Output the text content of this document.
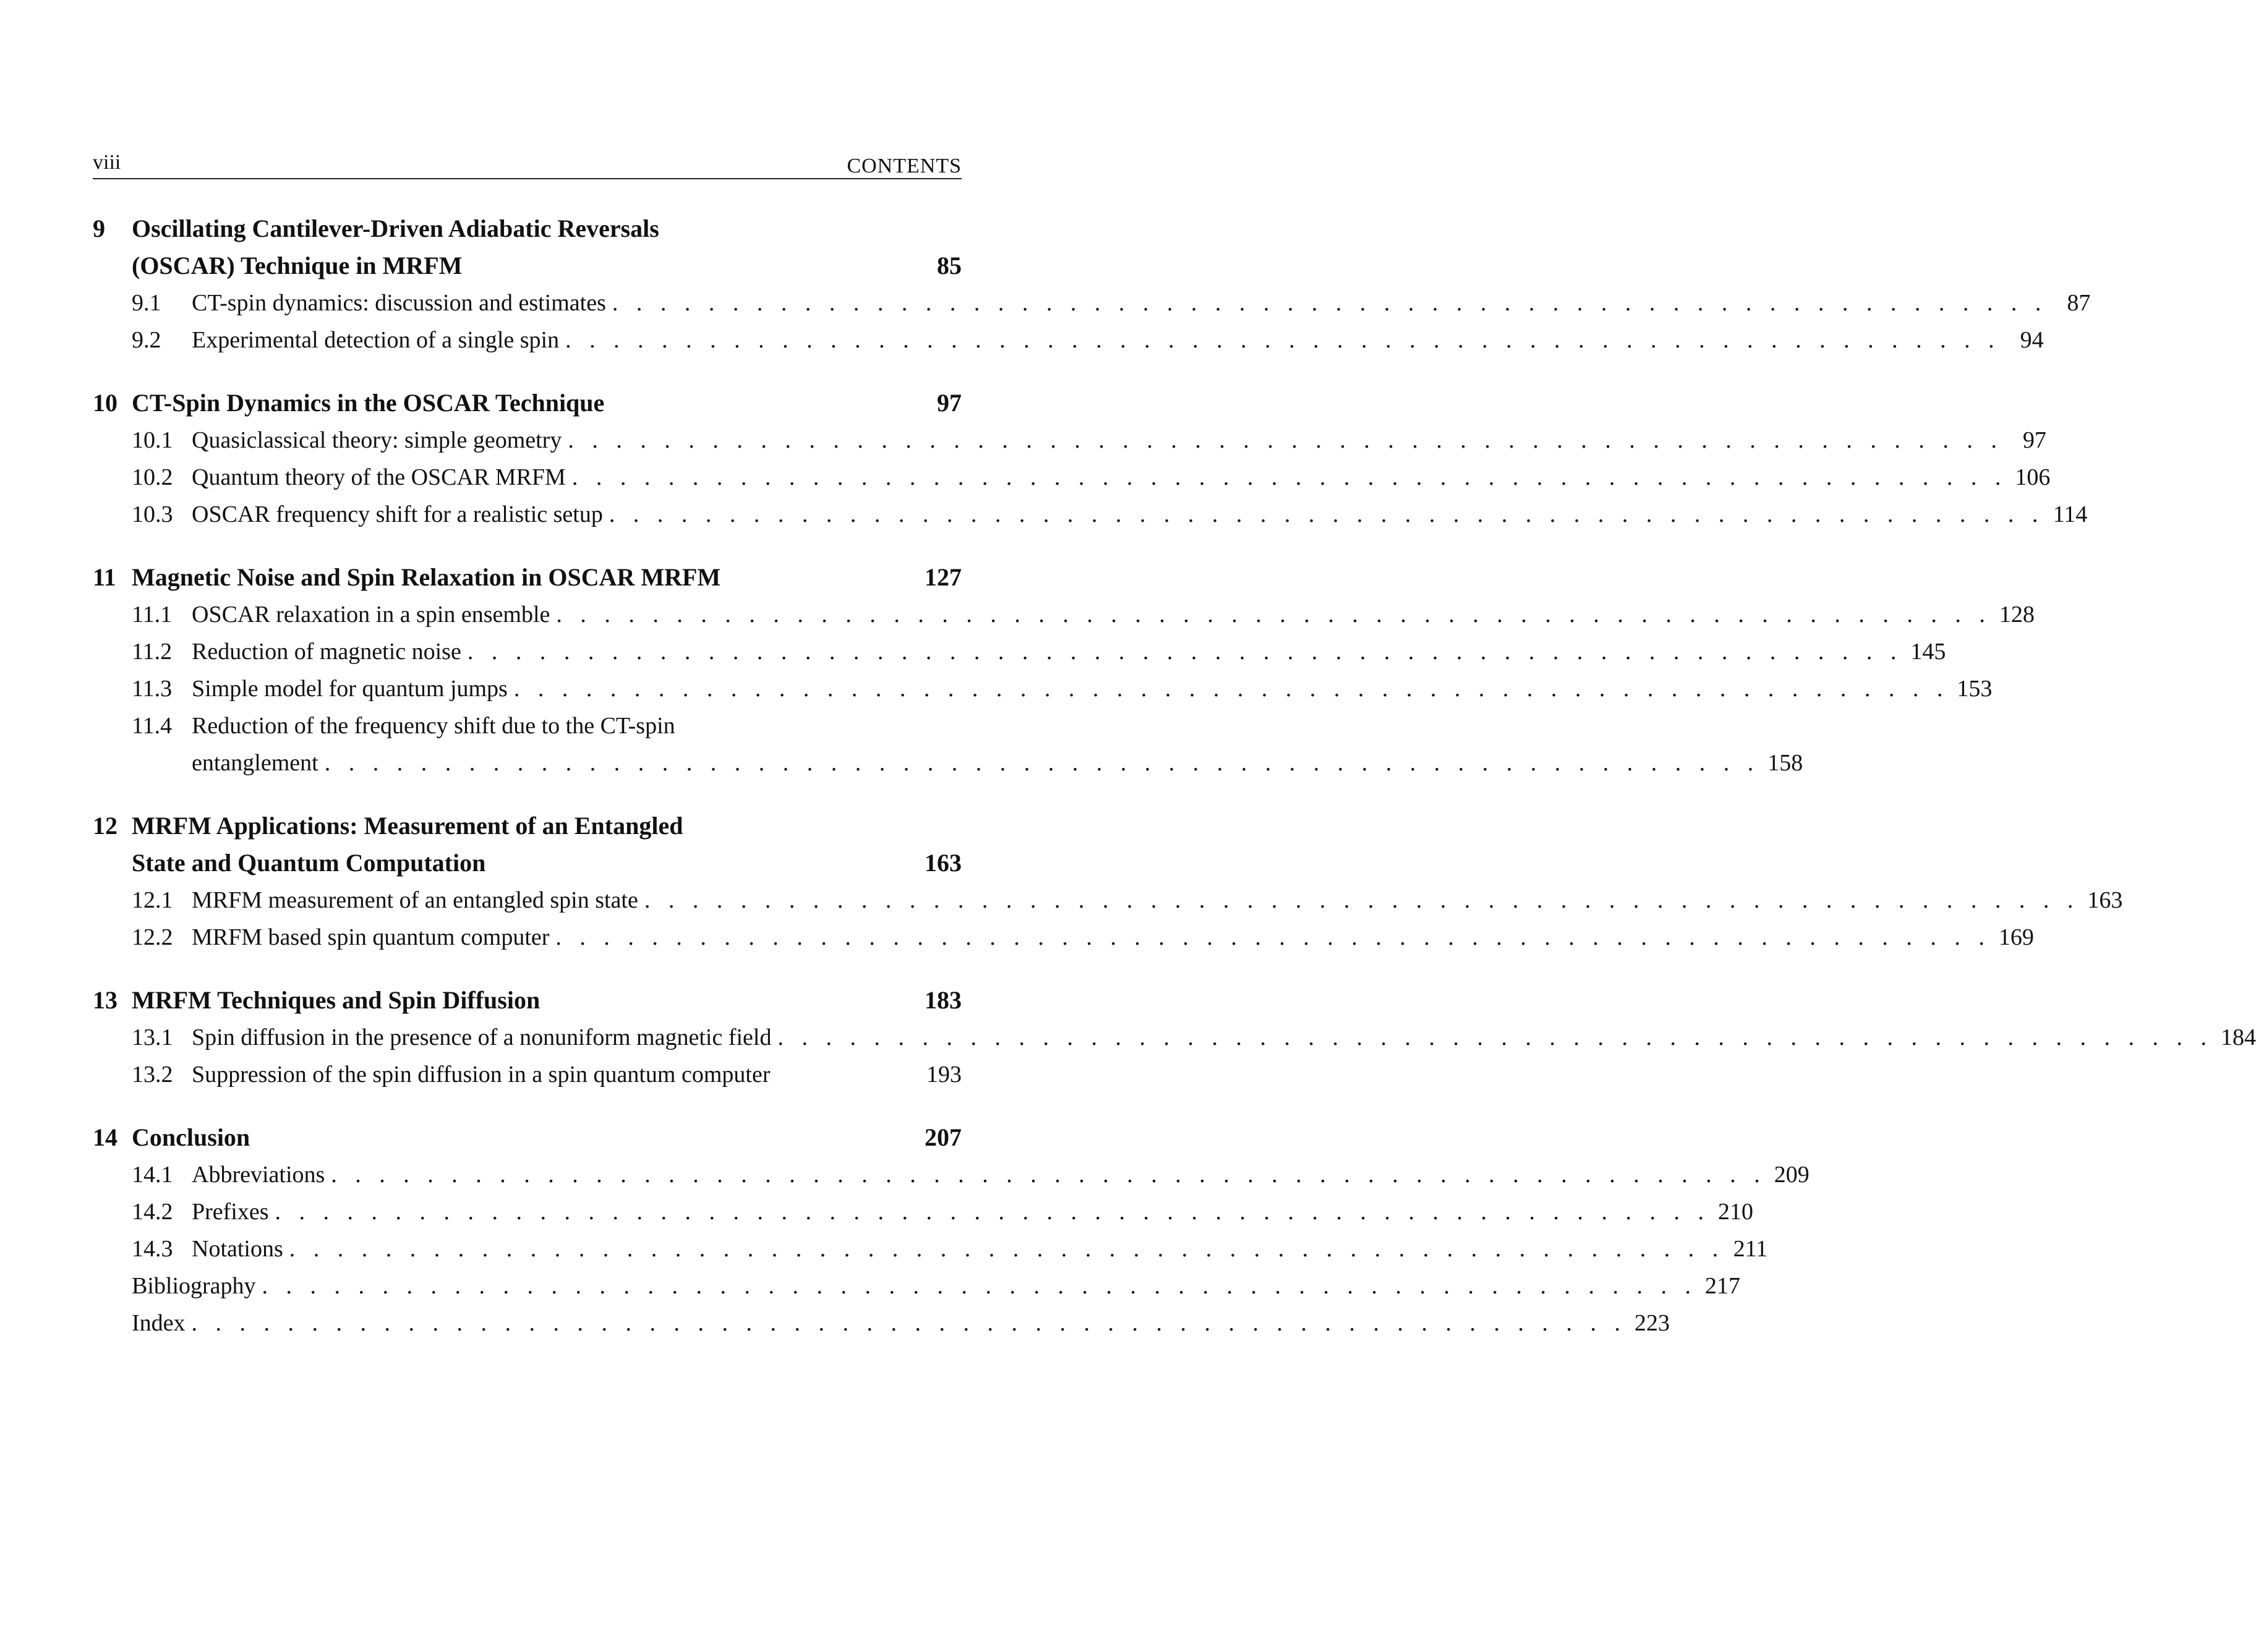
viii	CONTENTS
9	Oscillating Cantilever-Driven Adiabatic Reversals
(OSCAR) Technique in MRFM	85
9.1	CT-spin dynamics: discussion and estimates . . . . . . . . . . . . . . . . . . . . . . . . . . . . . . . . . . . . . . . . . . . . . . . . . . . . . . . . . . . . 87
9.2	Experimental detection of a single spin . . . . . . . . . . . . . . . . . . . . . . . . . . . . . . . . . . . . . . . . . . . . . . . . . . . . . . . . . . . . 94
10 CT-Spin Dynamics in the OSCAR Technique	97
10.1 Quasiclassical theory: simple geometry . . . . . . . . . . . . . . . . . . . . . . . . . . . . . . . . . . . . . . . . . . . . . . . . . . . . . . . . . . . . 97
10.2 Quantum theory of the OSCAR MRFM . . . . . . . . . . . . . . . . . . . . . . . . . . . . . . . . . . . . . . . . . . . . . . . . . . . . . . . . . . . . 106
10.3 OSCAR frequency shift for a realistic setup . . . . . . . . . . . . . . . . . . . . . . . . . . . . . . . . . . . . . . . . . . . . . . . . . . . . . . . . . . . . 114
11 Magnetic Noise and Spin Relaxation in OSCAR MRFM	127
11.1 OSCAR relaxation in a spin ensemble . . . . . . . . . . . . . . . . . . . . . . . . . . . . . . . . . . . . . . . . . . . . . . . . . . . . . . . . . . . . 128
11.2 Reduction of magnetic noise . . . . . . . . . . . . . . . . . . . . . . . . . . . . . . . . . . . . . . . . . . . . . . . . . . . . . . . . . . . . 145
11.3 Simple model for quantum jumps . . . . . . . . . . . . . . . . . . . . . . . . . . . . . . . . . . . . . . . . . . . . . . . . . . . . . . . . . . . . 153
11.4 Reduction of the frequency shift due to the CT-spin
entanglement . . . . . . . . . . . . . . . . . . . . . . . . . . . . . . . . . . . . . . . . . . . . . . . . . . . . . . . . . . . . 158
12 MRFM Applications: Measurement of an Entangled
State and Quantum Computation	163
12.1 MRFM measurement of an entangled spin state . . . . . . . . . . . . . . . . . . . . . . . . . . . . . . . . . . . . . . . . . . . . . . . . . . . . . . . . . . . . 163
12.2 MRFM based spin quantum computer . . . . . . . . . . . . . . . . . . . . . . . . . . . . . . . . . . . . . . . . . . . . . . . . . . . . . . . . . . . . 169
13 MRFM Techniques and Spin Diffusion	183
13.1 Spin diffusion in the presence of a nonuniform magnetic field . . . . . . . . . . . . . . . . . . . . . . . . . . . . . . . . . . . . . . . . . . . . . . . . . . . . . . . . . . . . 184
13.2 Suppression of the spin diffusion in a spin quantum computer	193
14 Conclusion	207
14.1 Abbreviations . . . . . . . . . . . . . . . . . . . . . . . . . . . . . . . . . . . . . . . . . . . . . . . . . . . . . . . . . . . . 209
14.2 Prefixes . . . . . . . . . . . . . . . . . . . . . . . . . . . . . . . . . . . . . . . . . . . . . . . . . . . . . . . . . . . . 210
14.3 Notations . . . . . . . . . . . . . . . . . . . . . . . . . . . . . . . . . . . . . . . . . . . . . . . . . . . . . . . . . . . . 211
Bibliography . . . . . . . . . . . . . . . . . . . . . . . . . . . . . . . . . . . . . . . . . . . . . . . . . . . . . . . . . . . . 217
Index . . . . . . . . . . . . . . . . . . . . . . . . . . . . . . . . . . . . . . . . . . . . . . . . . . . . . . . . . . . . 223
